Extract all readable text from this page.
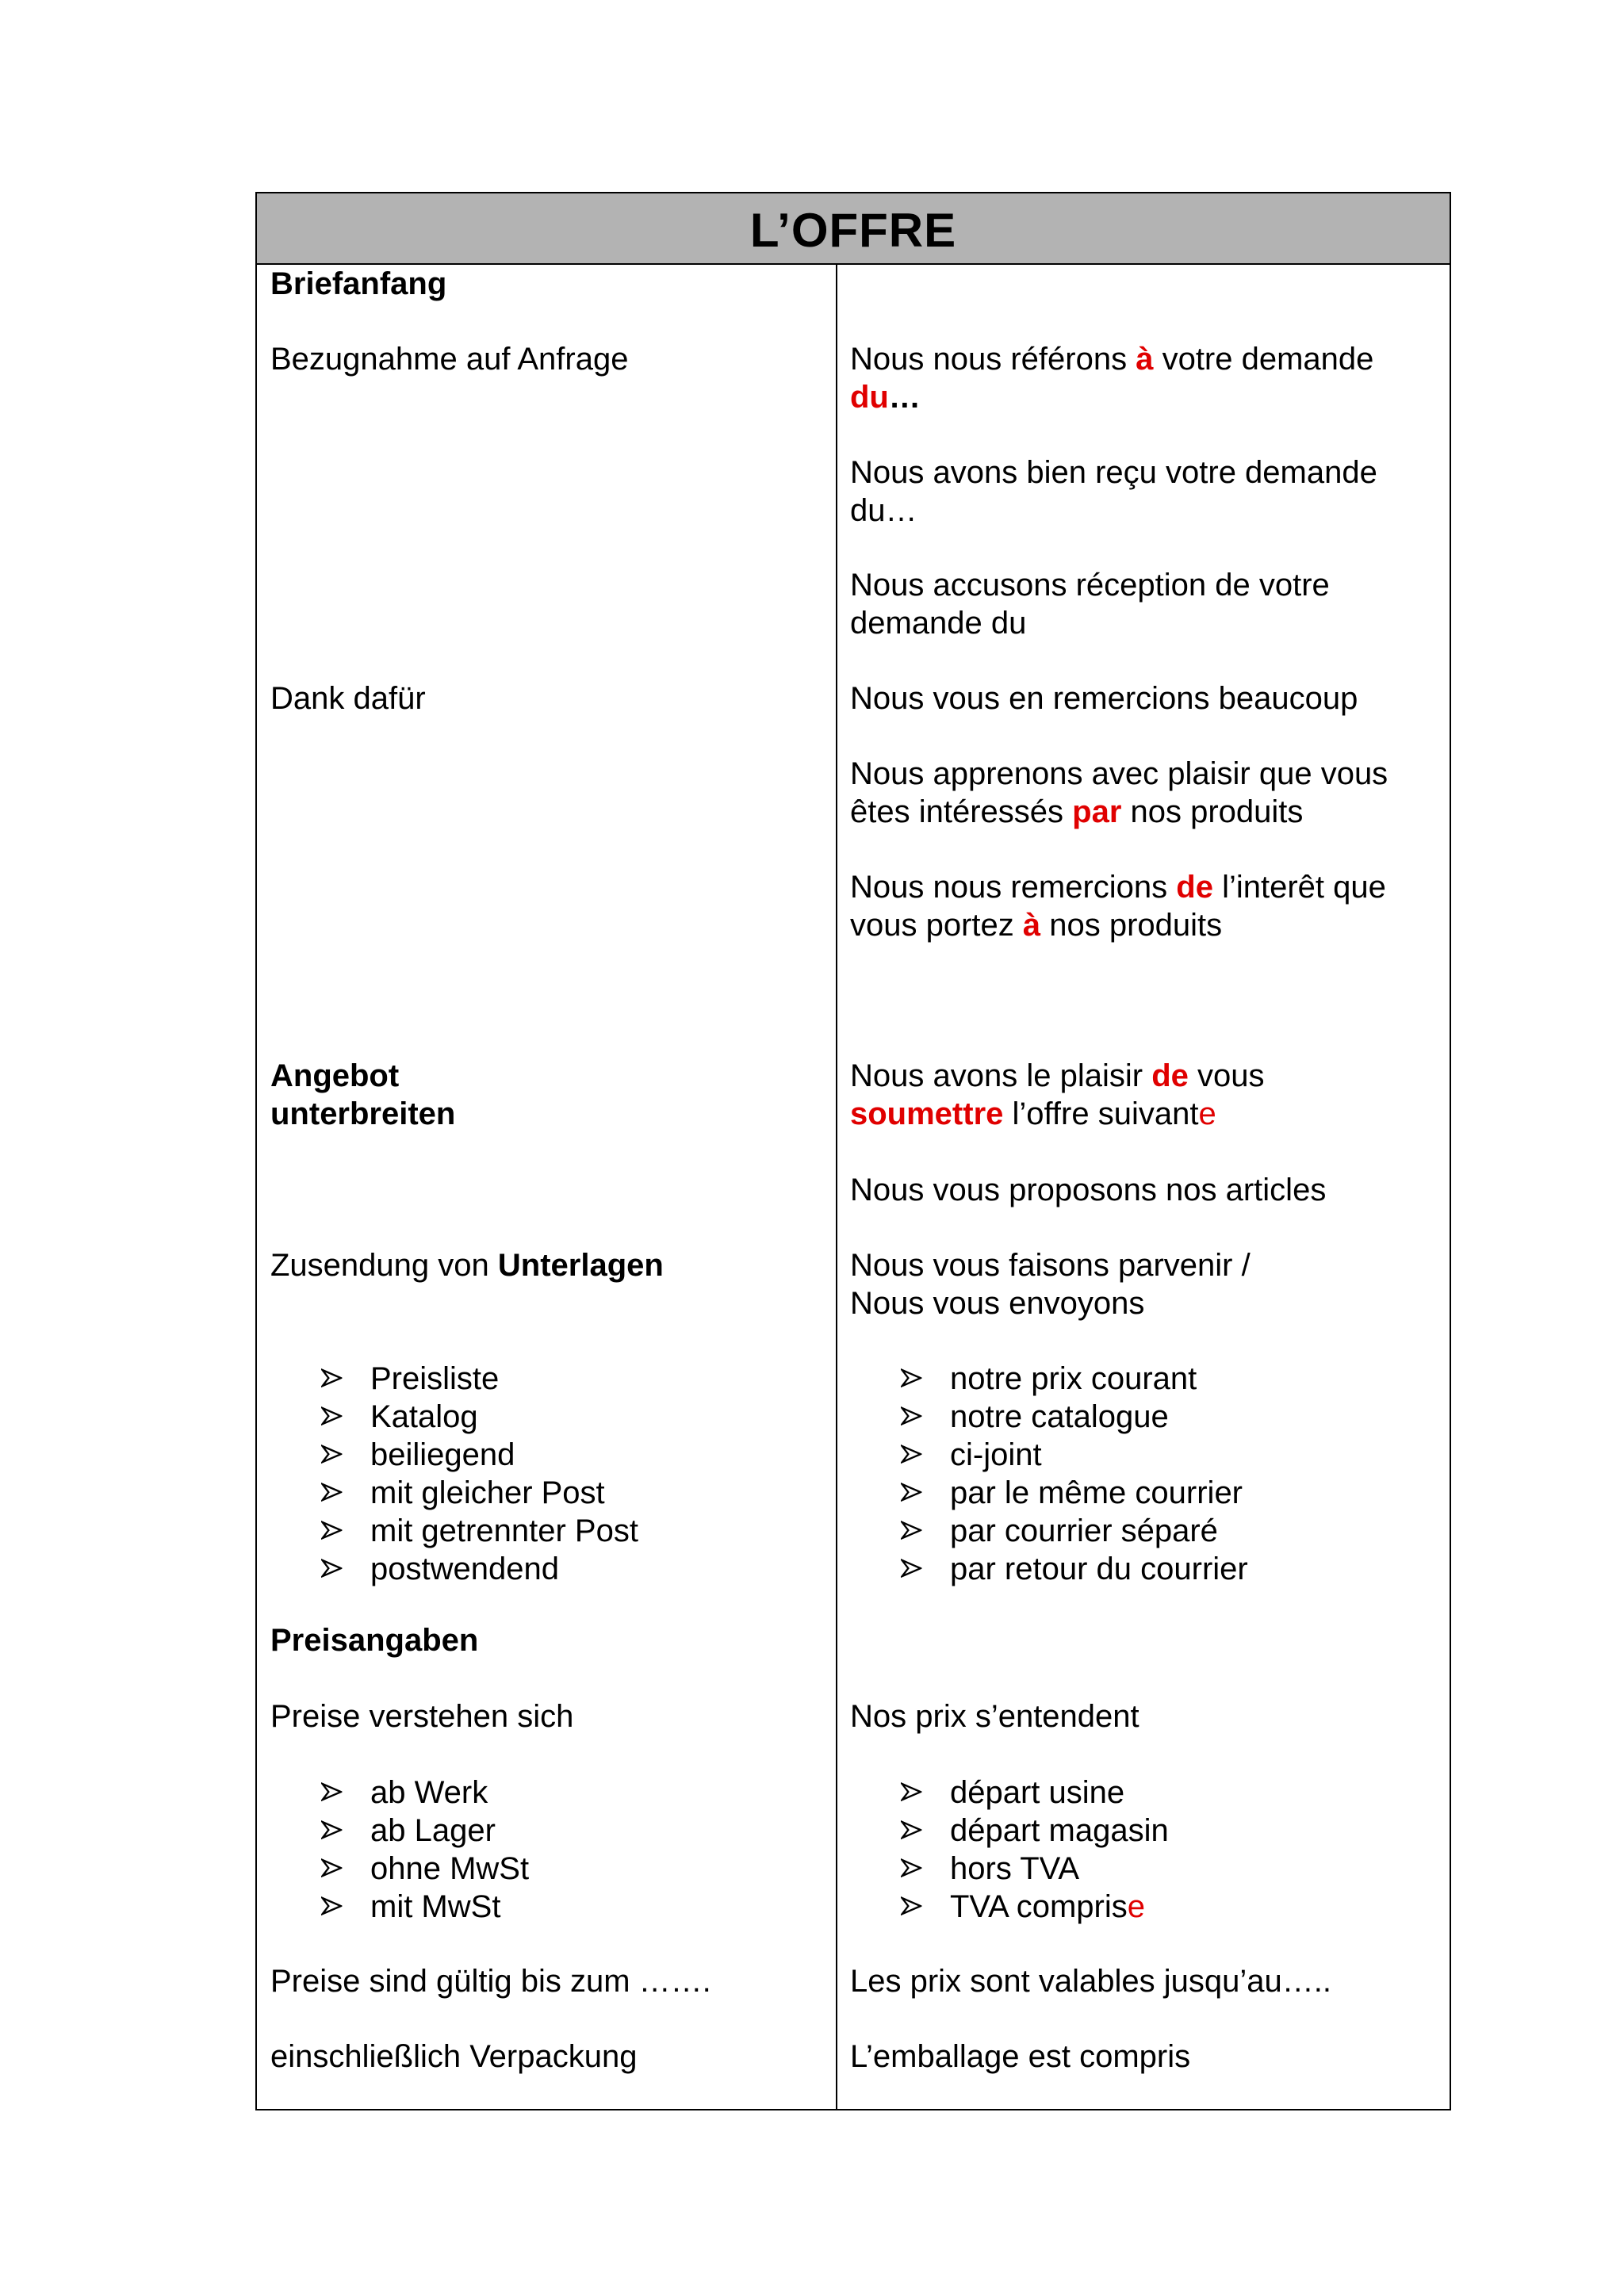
L’OFFRE
Briefanfang
Bezugnahme auf Anfrage
Dank dafür
Angebot
unterbreiten
Zusendung von Unterlagen
Preisliste
Katalog
beiliegend
mit gleicher Post
mit getrennter Post
postwendend
Preisangaben
Preise verstehen sich
ab Werk
ab Lager
ohne MwSt
mit MwSt
Preise sind gültig bis zum …….
einschließlich Verpackung
Nous nous référons à votre demande
du…
Nous avons bien reçu votre demande
du…
Nous accusons réception de votre
demande du
Nous vous en remercions beaucoup
Nous apprenons avec plaisir que vous
êtes intéressés par nos produits
Nous nous remercions de l’interêt que
vous portez à nos produits
Nous avons le plaisir de vous
soumettre l’offre suivante
Nous vous proposons nos articles
Nous vous faisons parvenir /
Nous vous envoyons
notre prix courant
notre catalogue
ci-joint
par le même courrier
par courrier séparé
par retour du courrier
Nos prix s’entendent
départ usine
départ magasin
hors TVA
TVA comprise
Les prix sont valables jusqu’au…..
L’emballage est compris
